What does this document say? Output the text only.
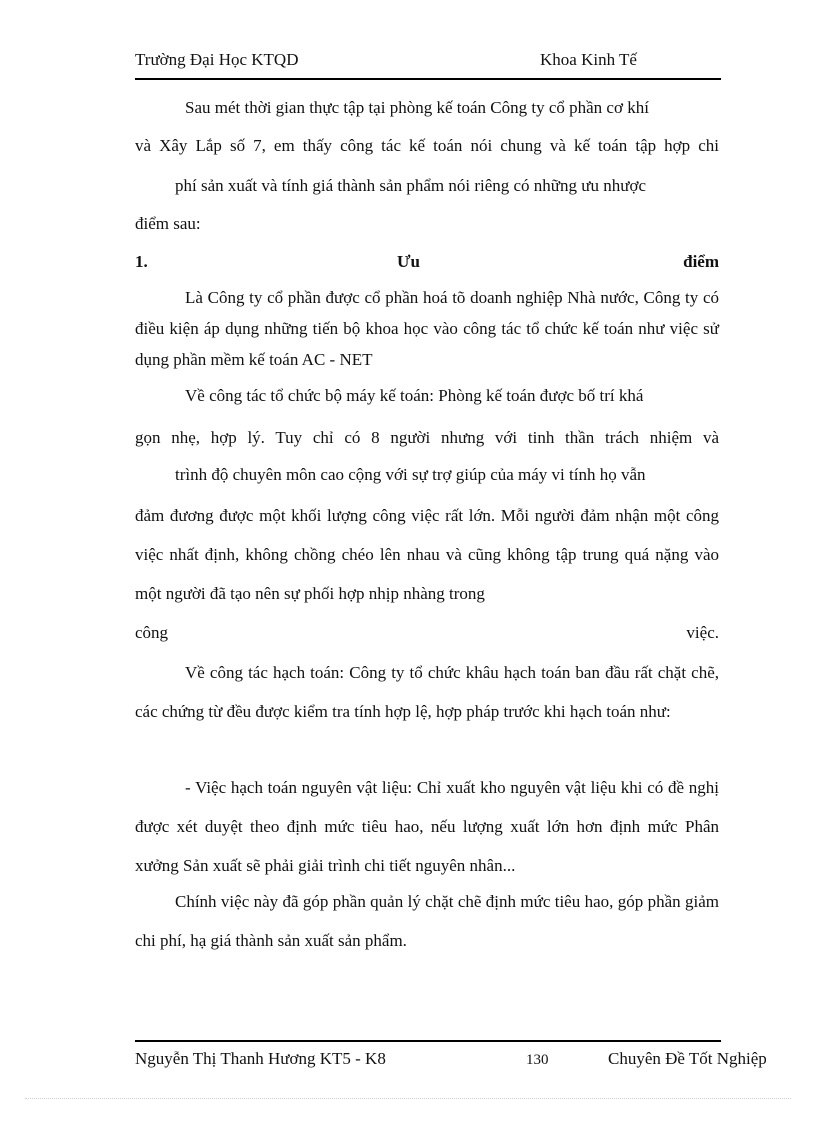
Trường Đại Học KTQD	Khoa Kinh Tế

Sau mét thời gian thực tập tại phòng kế toán Công ty cổ phần cơ khí

và Xây Lắp số 7, em thấy công tác kế toán nói chung và kế toán tập hợp chi

phí sản xuất và tính giá thành sản phẩm nói riêng có những ưu nhược

điểm sau:

1.	Ưu	điểm

Là Công ty cổ phần được cổ phần hoá tõ doanh nghiệp Nhà nước, Công ty có điều kiện áp dụng những tiến bộ khoa học vào công tác tổ chức kế toán như việc sử dụng phần mềm kế toán AC - NET

Về công tác tổ chức bộ máy kế toán: Phòng kế toán được bố trí khá

gọn nhẹ, hợp lý. Tuy chỉ có 8 người nhưng với tinh thần trách nhiệm và

trình độ chuyên môn cao cộng với sự trợ giúp của máy vi tính họ vẫn

đảm đương được một khối lượng công việc rất lớn. Mỗi người đảm nhận một công việc nhất định, không chồng chéo lên nhau và cũng không tập trung quá nặng vào một người đã tạo nên sự phối hợp nhịp nhàng trong

công	việc.

Về công tác hạch toán: Công ty tổ chức khâu hạch toán ban đầu rất chặt chẽ, các chứng từ đều được kiểm tra tính hợp lệ, hợp pháp trước khi hạch toán như:

- Việc hạch toán nguyên vật liệu: Chỉ xuất kho nguyên vật liệu khi có đề nghị được xét duyệt theo định mức tiêu hao, nếu lượng xuất lớn hơn định mức Phân xưởng Sản xuất sẽ phải giải trình chi tiết nguyên nhân...

Chính việc này đã góp phần quản lý chặt chẽ định mức tiêu hao, góp phần giảm chi phí, hạ giá thành sản xuất sản phẩm.

Nguyễn Thị Thanh Hương KT5 - K8	130	Chuyên Đề Tốt Nghiệp
